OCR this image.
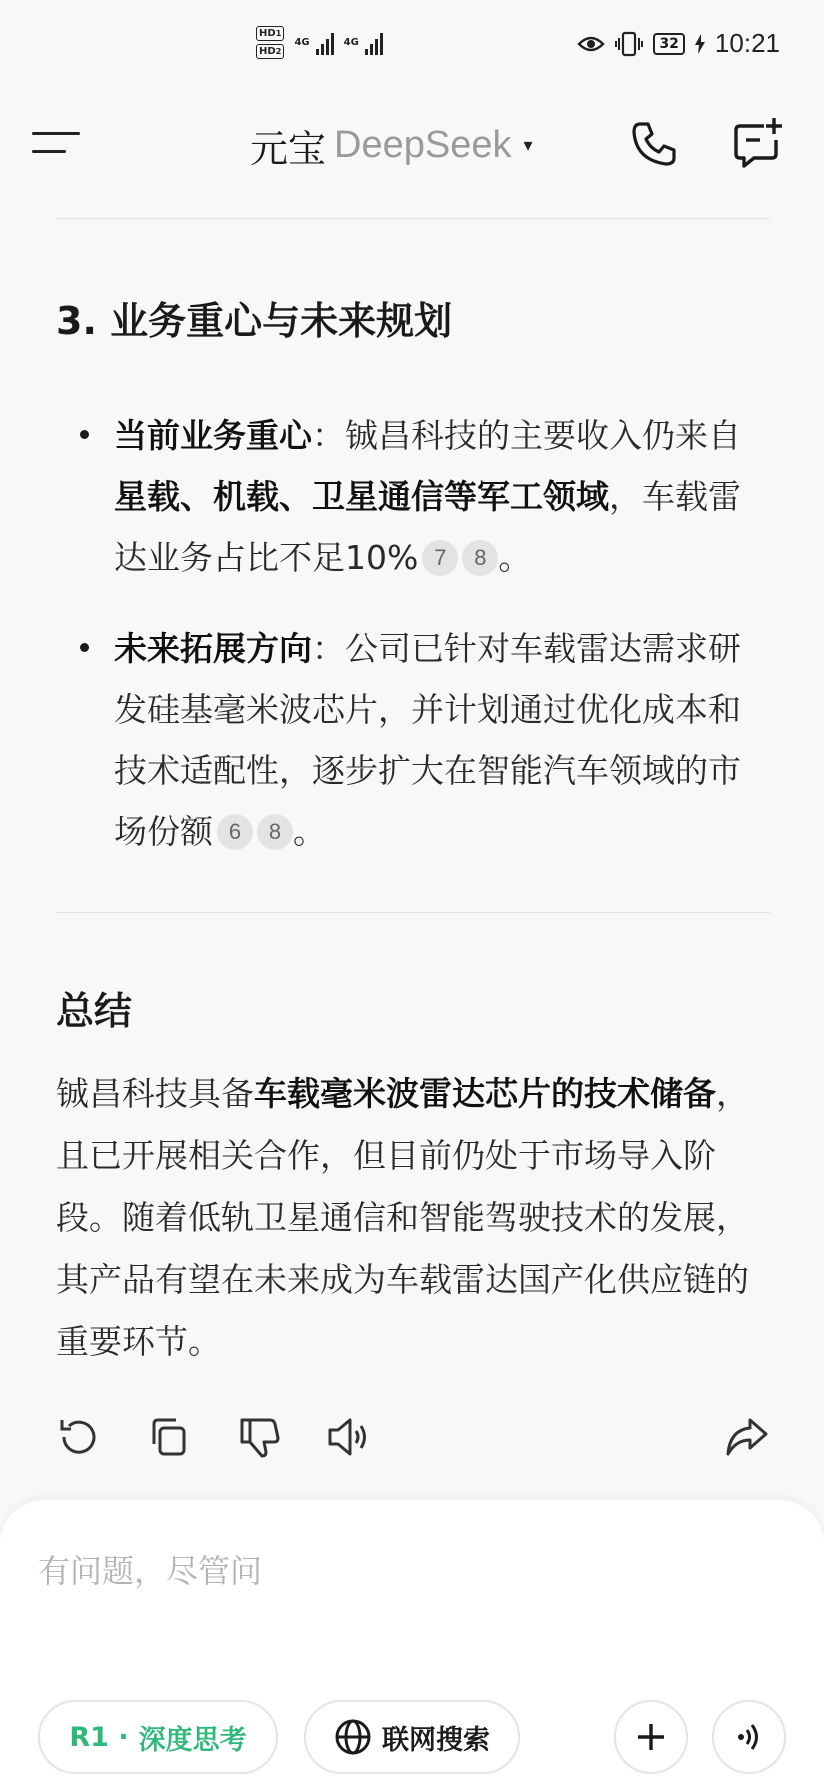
HD1
HD2
4G	4G	32 10:21
元宝 DeepSeek ▾
3. 业务重心与未来规划
当前业务重心：铖昌科技的主要收入仍来自星载、机载、卫星通信等军工领域，车载雷达业务占比不足10% 7 8 。
未来拓展方向：公司已针对车载雷达需求研发硅基毫米波芯片，并计划通过优化成本和技术适配性，逐步扩大在智能汽车领域的市场份额 6 8 。
总结

铖昌科技具备车载毫米波雷达芯片的技术储备，且已开展相关合作，但目前仍处于市场导入阶段。随着低轨卫星通信和智能驾驶技术的发展，其产品有望在未来成为车载雷达国产化供应链的重要环节。

有问题，尽管问
R1 · 深度思考	联网搜索
